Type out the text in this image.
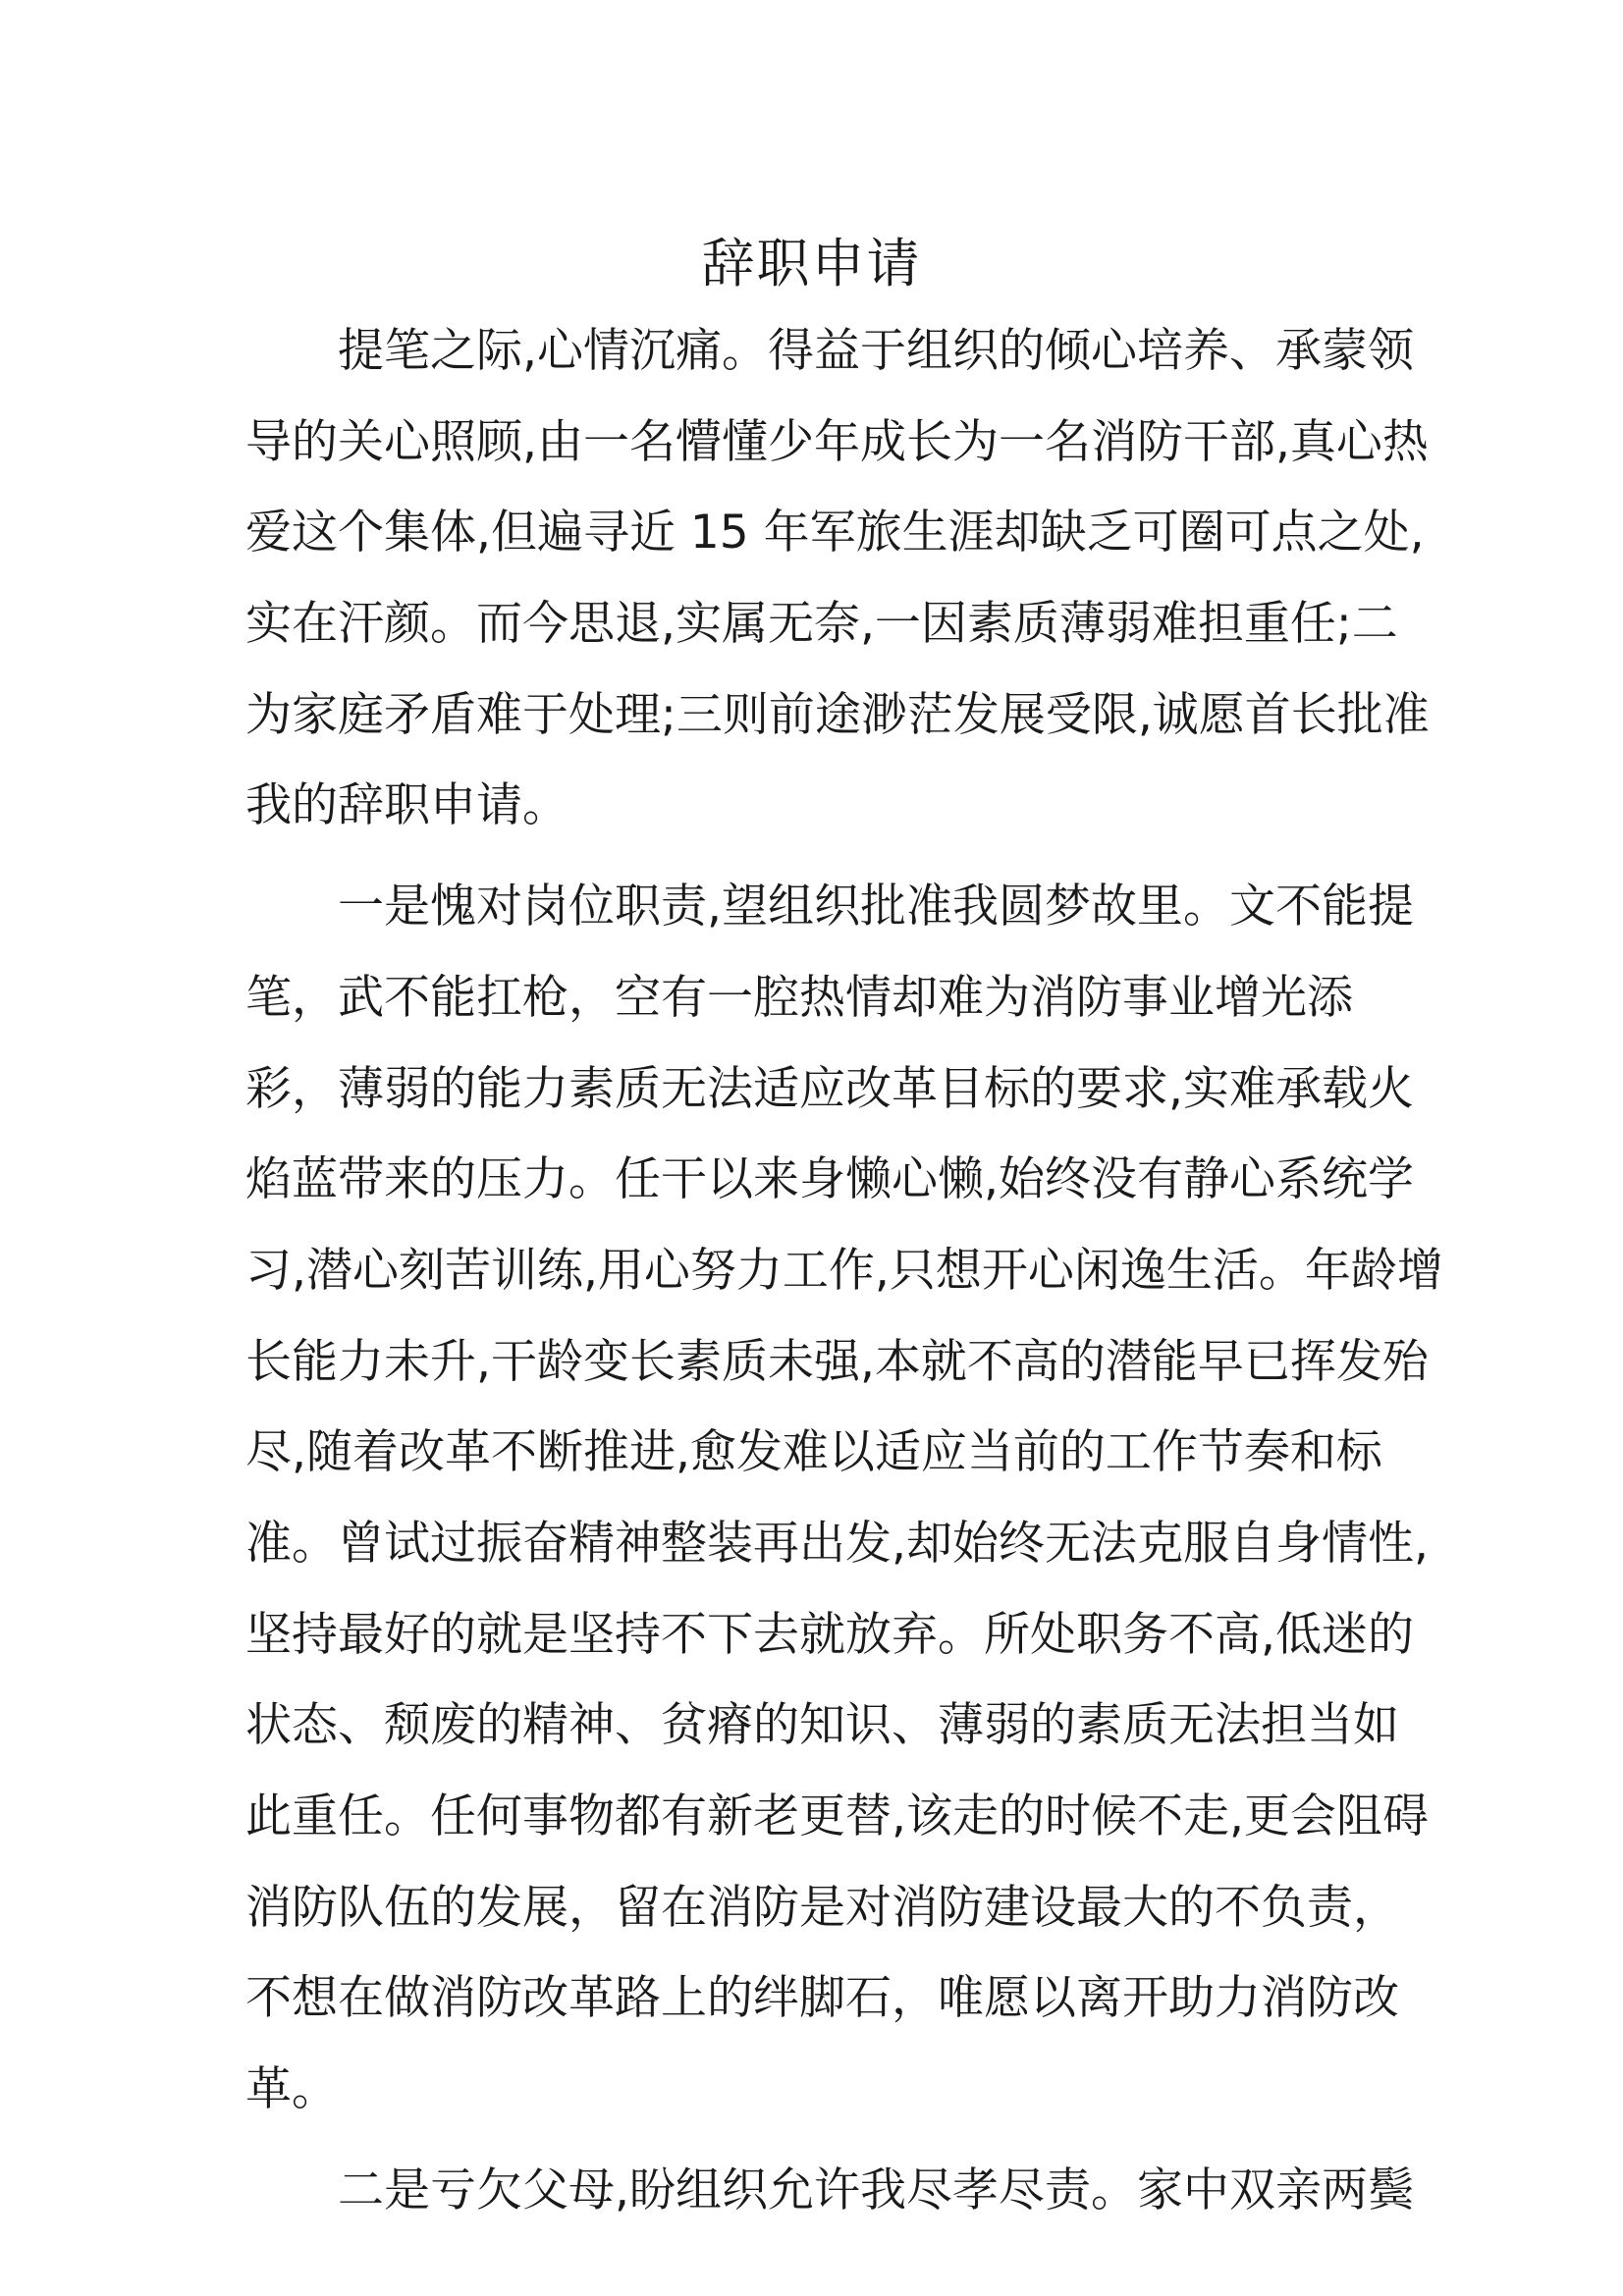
辞职申请
提笔之际,心情沉痛。得益于组织的倾心培养、承蒙领
导的关心照顾,由一名懵懂少年成长为一名消防干部,真心热
爱这个集体,但遍寻近 15 年军旅生涯却缺乏可圈可点之处,
实在汗颜。而今思退,实属无奈,一因素质薄弱难担重任;二
为家庭矛盾难于处理;三则前途渺茫发展受限,诚愿首长批准
我的辞职申请。
一是愧对岗位职责,望组织批准我圆梦故里。文不能提
笔，武不能扛枪，空有一腔热情却难为消防事业增光添
彩，薄弱的能力素质无法适应改革目标的要求,实难承载火
焰蓝带来的压力。任干以来身懒心懒,始终没有静心系统学
习,潜心刻苦训练,用心努力工作,只想开心闲逸生活。年龄增
长能力未升,干龄变长素质未强,本就不高的潜能早已挥发殆
尽,随着改革不断推进,愈发难以适应当前的工作节奏和标
准。曾试过振奋精神整装再出发,却始终无法克服自身情性,
坚持最好的就是坚持不下去就放弃。所处职务不高,低迷的
状态、颓废的精神、贫瘠的知识、薄弱的素质无法担当如
此重任。任何事物都有新老更替,该走的时候不走,更会阻碍
消防队伍的发展，留在消防是对消防建设最大的不负责，
不想在做消防改革路上的绊脚石，唯愿以离开助力消防改
革。
二是亏欠父母,盼组织允许我尽孝尽责。家中双亲两鬓
